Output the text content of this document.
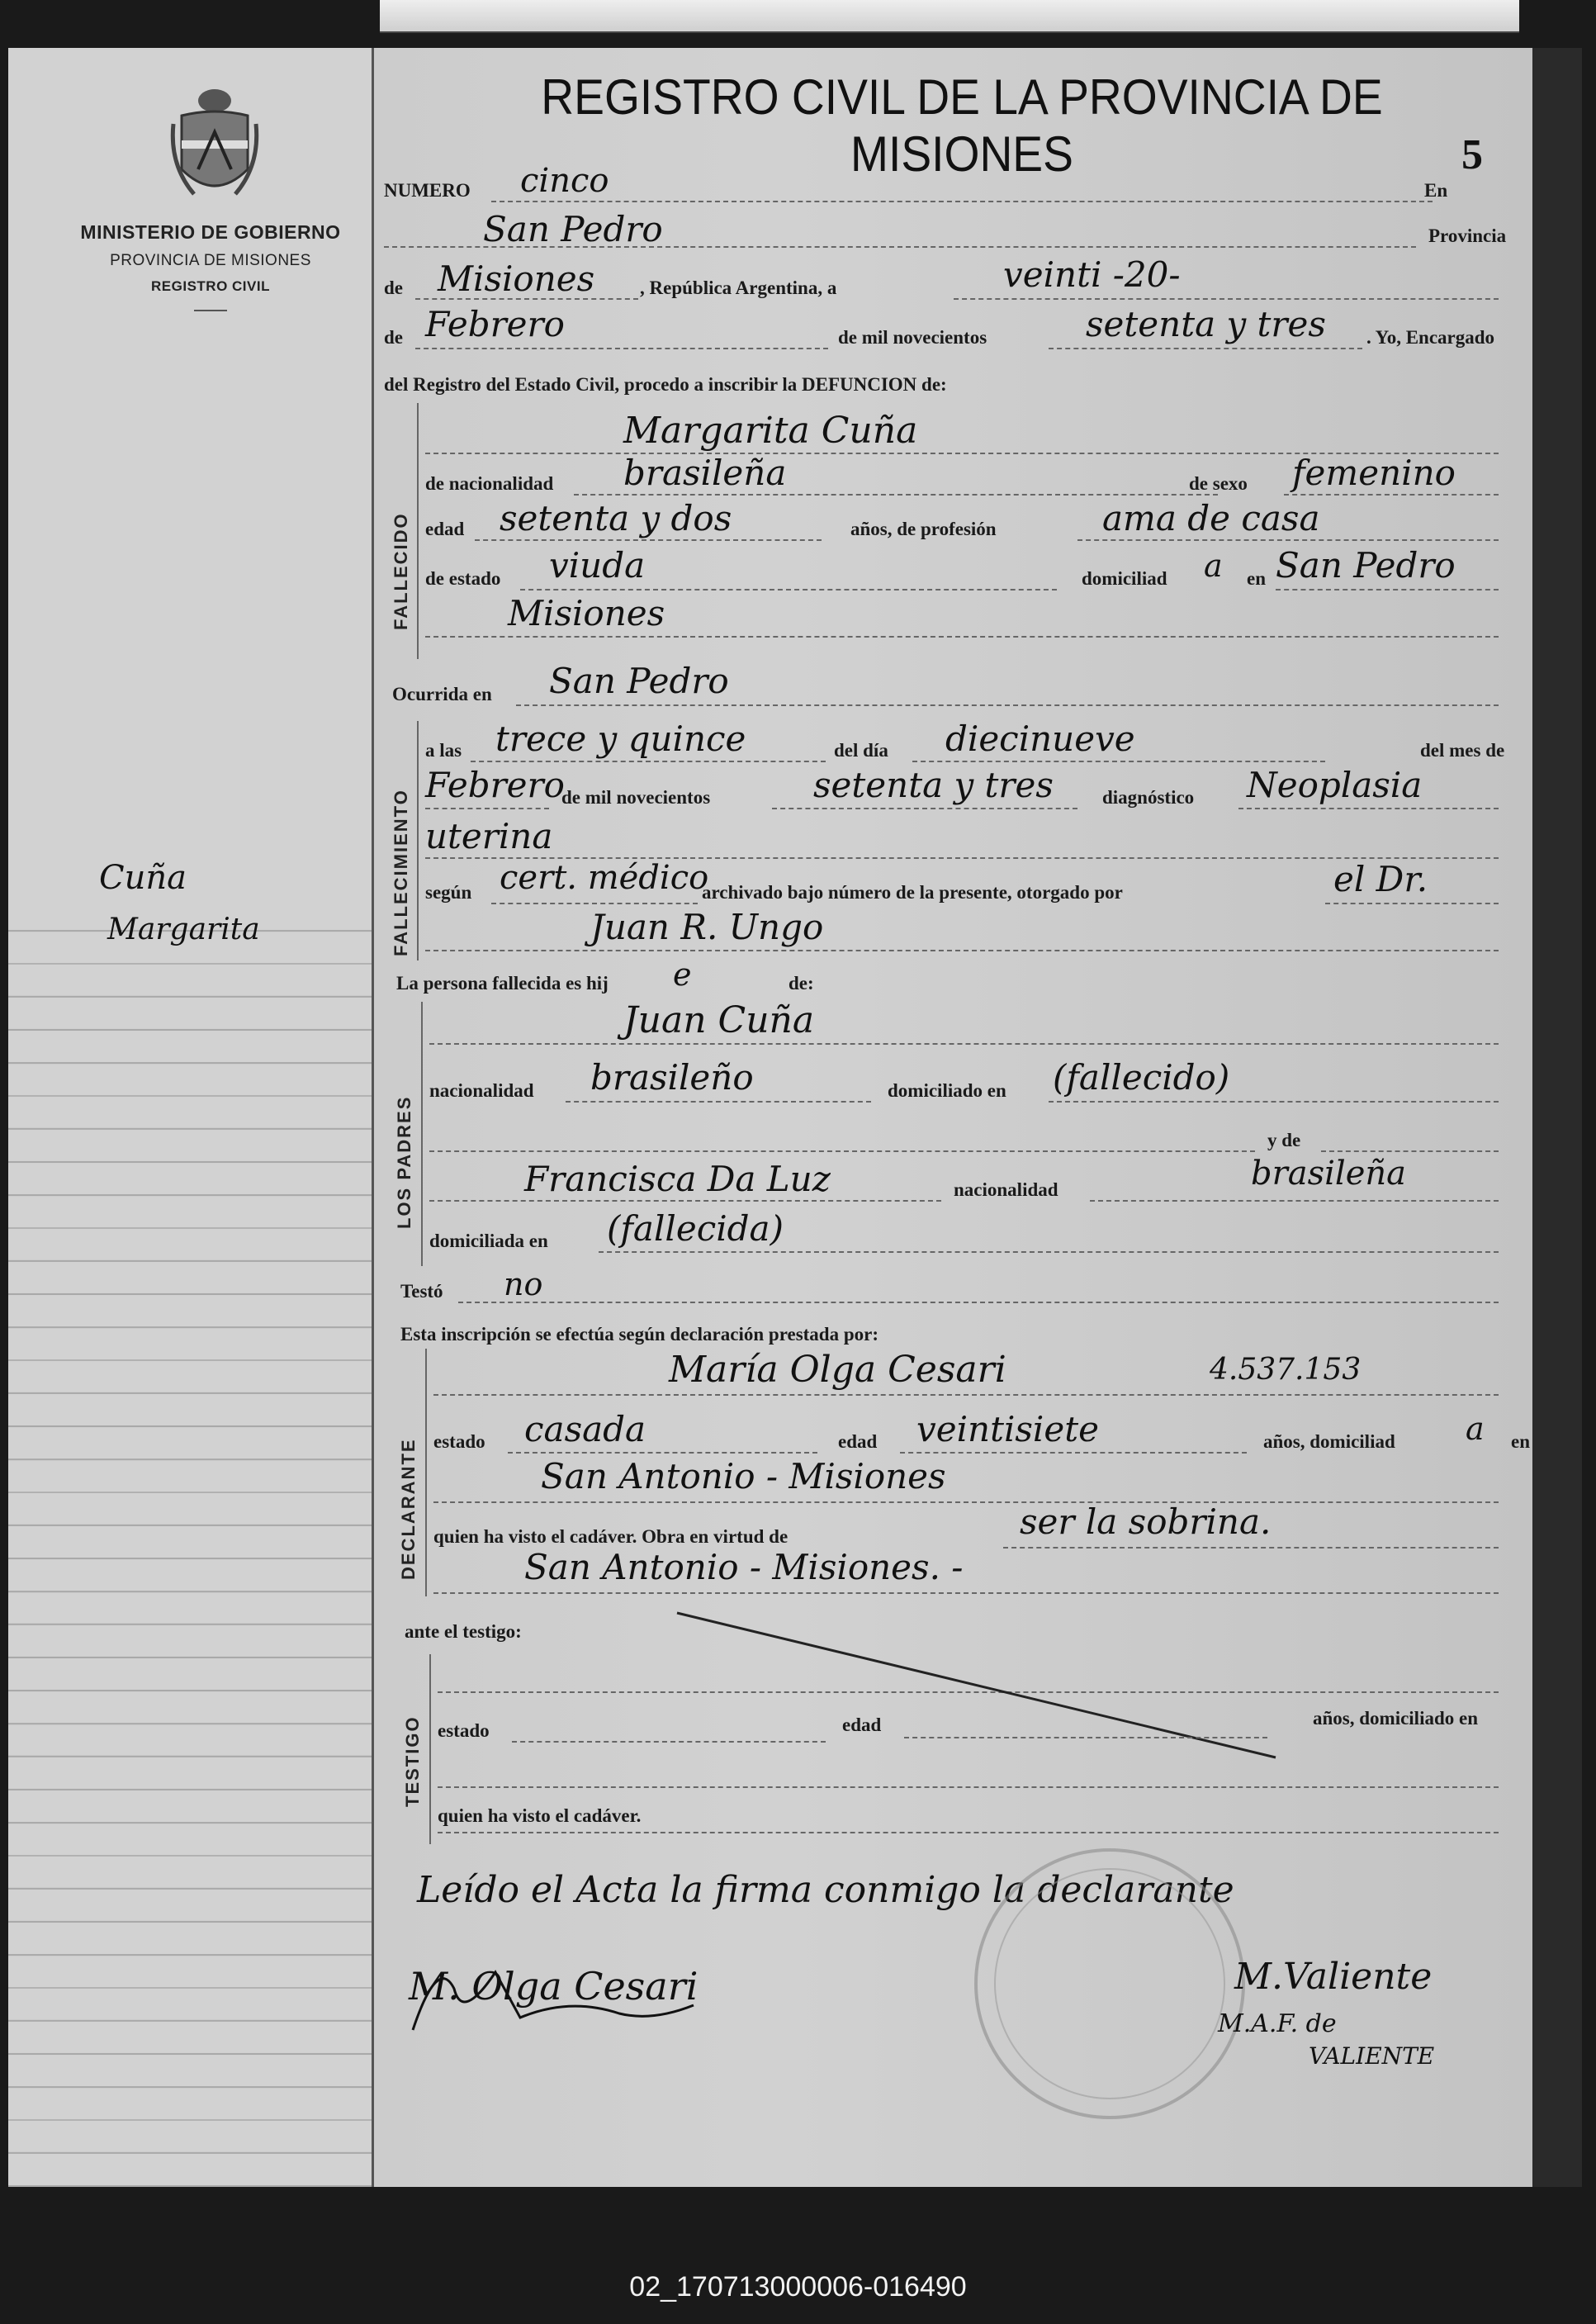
MINISTERIO DE GOBIERNO
PROVINCIA DE MISIONES
REGISTRO CIVIL
Cuña
Margarita
REGISTRO CIVIL DE LA PROVINCIA DE MISIONES	5
NUMERO cinco	En
San Pedro	Provincia
de Misiones , República Argentina, a	veinti -20-
de Febrero	de mil novecientos	setenta y tres . Yo, Encargado
del Registro del Estado Civil, procedo a inscribir la DEFUNCION de:
FALLECIDO
Margarita Cuña
de nacionalidad brasileña	de sexo femenino
edad setenta y dos	años, de profesión	ama de casa
de estado viuda	domiciliad a en San Pedro
Misiones
Ocurrida en San Pedro
FALLECIMIENTO
a las trece y quince	del día diecinueve	del mes de
Febrero
de mil novecientos	setenta y tres	diagnóstico Neoplasia
uterina
según cert. médico
archivado bajo número de la presente, otorgado por	el Dr.
Juan R. Ungo
La persona fallecida es hij e	de:
LOS PADRES
Juan Cuña
nacionalidad brasileño	domiciliado en (fallecido)
y de
Francisca Da Luz	nacionalidad	brasileña
domiciliada en (fallecida)
Testó no
Esta inscripción se efectúa según declaración prestada por:
DECLARANTE
María Olga Cesari	4.537.153
estado casada	edad veintisiete	años, domiciliad a en
San Antonio - Misiones
quien ha visto el cadáver. Obra en virtud de	ser la sobrina.
San Antonio - Misiones. -
ante el testigo:
TESTIGO estado	edad	años, domiciliado en
quien ha visto el cadáver.
Leído el Acta la firma conmigo la declarante
M. Olga Cesari	M.Valiente
M.A.F. de
VALIENTE
02_170713000006-016490
